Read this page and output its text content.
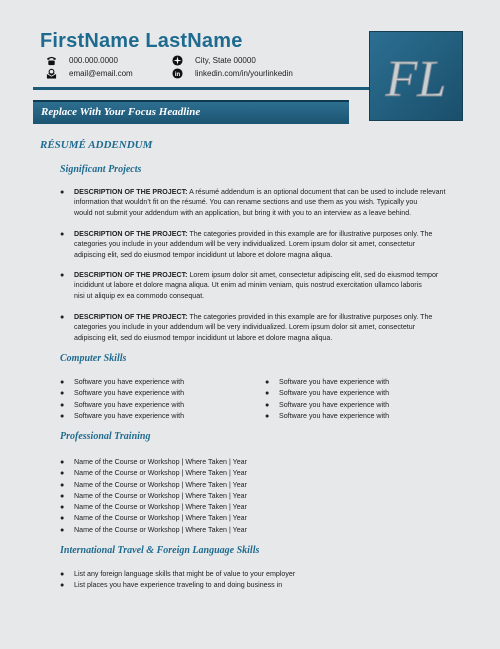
FirstName LastName
000.000.0000
email@email.com
City, State 00000
in linkedin.com/in/yourlinkedin FL
Replace With Your Focus Headline
RÉSUMÉ ADDENDUM
Significant Projects
● DESCRIPTION OF THE PROJECT: A résumé addendum is an optional document that can be used to include relevant
information that wouldn’t fit on the résumé. You can rename sections and use them as you wish. Typically you
would not submit your addendum with an application, but bring it with you to an interview as a leave behind.
● DESCRIPTION OF THE PROJECT: The categories provided in this example are for illustrative purposes only. The
categories you include in your addendum will be very individualized. Lorem ipsum dolor sit amet, consectetur
adipiscing elit, sed do eiusmod tempor incididunt ut labore et dolore magna aliqua.
● DESCRIPTION OF THE PROJECT: Lorem ipsum dolor sit amet, consectetur adipiscing elit, sed do eiusmod tempor
incididunt ut labore et dolore magna aliqua. Ut enim ad minim veniam, quis nostrud exercitation ullamco laboris
nisi ut aliquip ex ea commodo consequat.
● DESCRIPTION OF THE PROJECT: The categories provided in this example are for illustrative purposes only. The
categories you include in your addendum will be very individualized. Lorem ipsum dolor sit amet, consectetur
adipiscing elit, sed do eiusmod tempor incididunt ut labore et dolore magna aliqua.
Computer Skills
● Software you have experience with
● Software you have experience with
● Software you have experience with
● Software you have experience with
● Software you have experience with
● Software you have experience with
● Software you have experience with
● Software you have experience with
Professional Training
● Name of the Course or Workshop | Where Taken | Year
● Name of the Course or Workshop | Where Taken | Year
● Name of the Course or Workshop | Where Taken | Year
● Name of the Course or Workshop | Where Taken | Year
● Name of the Course or Workshop | Where Taken | Year
● Name of the Course or Workshop | Where Taken | Year
● Name of the Course or Workshop | Where Taken | Year
International Travel & Foreign Language Skills
● List any foreign language skills that might be of value to your employer
● List places you have experience traveling to and doing business in
